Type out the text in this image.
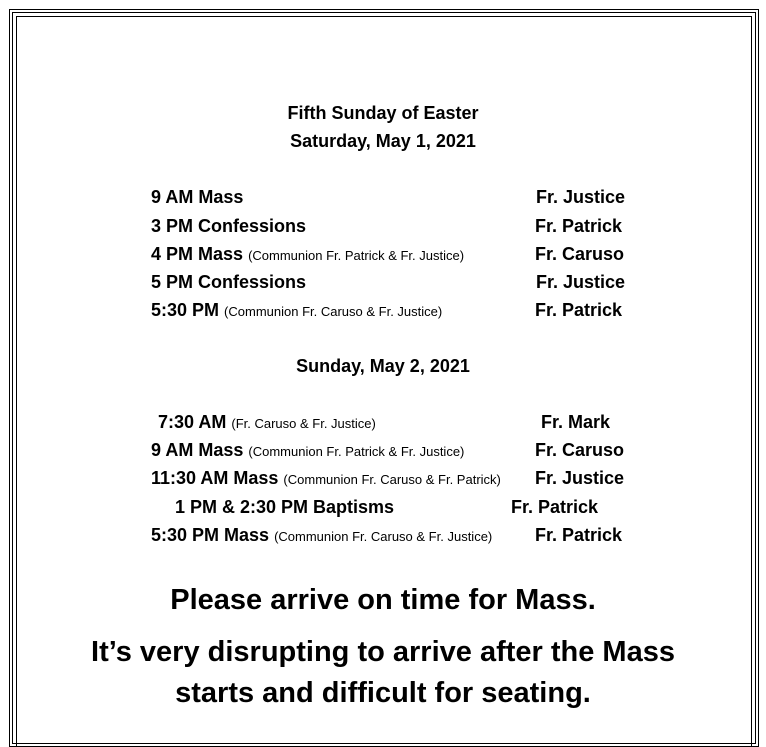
Fifth Sunday of Easter
Saturday, May 1, 2021
9 AM Mass	Fr. Justice
3 PM Confessions	Fr. Patrick
4 PM Mass (Communion Fr. Patrick & Fr. Justice)	Fr. Caruso
5 PM Confessions	Fr. Justice
5:30 PM (Communion Fr. Caruso & Fr. Justice)	Fr. Patrick
Sunday, May 2, 2021
7:30 AM (Fr. Caruso & Fr. Justice)	Fr. Mark
9 AM Mass (Communion Fr. Patrick & Fr. Justice)	Fr. Caruso
11:30 AM Mass (Communion Fr. Caruso & Fr. Patrick) Fr. Justice
1 PM & 2:30 PM Baptisms	Fr. Patrick
5:30 PM Mass (Communion Fr. Caruso & Fr. Justice) Fr. Patrick
Please arrive on time for Mass.
It’s very disrupting to arrive after the Mass
starts and difficult for seating.
